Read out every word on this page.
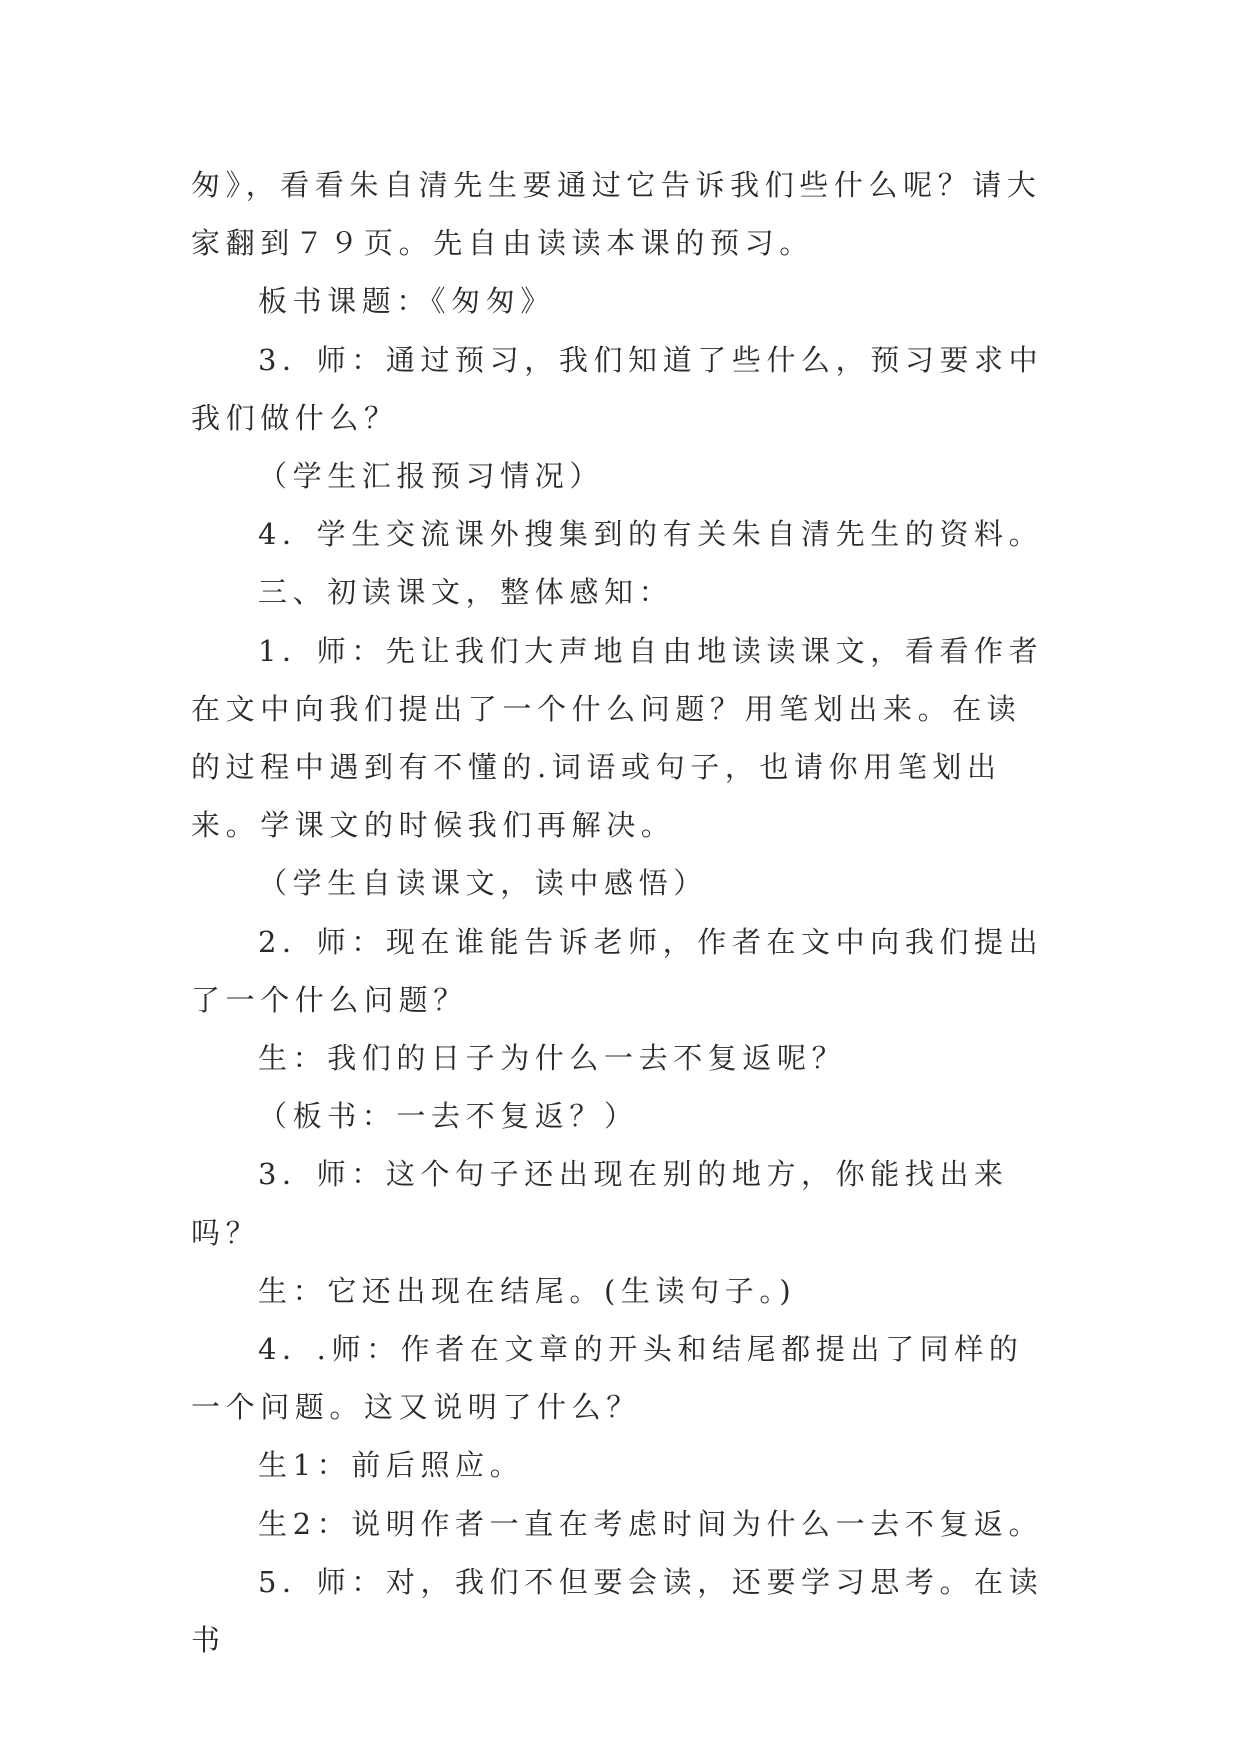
匆》，看看朱自清先生要通过它告诉我们些什么呢？请大家翻到７９页。先自由读读本课的预习。

板书课题：《匆匆》

3．师：通过预习，我们知道了些什么，预习要求中我们做什么？

（学生汇报预习情况）

4．学生交流课外搜集到的有关朱自清先生的资料。

三、初读课文，整体感知：

1．师：先让我们大声地自由地读读课文，看看作者在文中向我们提出了一个什么问题？用笔划出来。在读的过程中遇到有不懂的.词语或句子，也请你用笔划出来。学课文的时候我们再解决。

（学生自读课文，读中感悟）

2．师：现在谁能告诉老师，作者在文中向我们提出了一个什么问题？

生：我们的日子为什么一去不复返呢？

（板书：一去不复返？）

3．师：这个句子还出现在别的地方，你能找出来吗？

生：它还出现在结尾。(生读句子。)

4．.师：作者在文章的开头和结尾都提出了同样的一个问题。这又说明了什么？

生1：前后照应。

生2：说明作者一直在考虑时间为什么一去不复返。

5．师：对，我们不但要会读，还要学习思考。在读书
